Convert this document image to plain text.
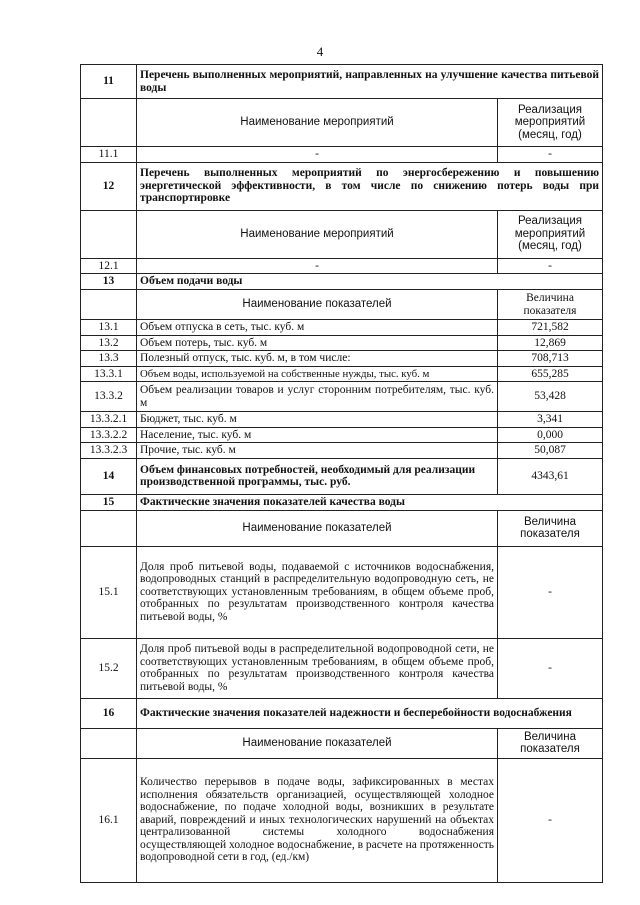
4
11	Перечень выполненных мероприятий, направленных на улучшение качества питьевой воды	
	Наименование мероприятий	Реализация мероприятий (месяц, год)
11.1	-	-
12	Перечень выполненных мероприятий по энергосбережению и повышению энергетической эффективности, в том числе по снижению потерь воды при транспортировке	
	Наименование мероприятий	Реализация мероприятий (месяц, год)
12.1	-	-
13	Объем подачи воды	
	Наименование показателей	Величина показателя
13.1	Объем отпуска в сеть, тыс. куб. м	721,582
13.2	Объем потерь, тыс. куб. м	12,869
13.3	Полезный отпуск, тыс. куб. м, в том числе:	708,713
13.3.1	Объем воды, используемой на собственные нужды, тыс. куб. м	655,285
13.3.2	Объем реализации товаров и услуг сторонним потребителям, тыс. куб. м	53,428
13.3.2.1	Бюджет, тыс. куб. м	3,341
13.3.2.2	Население, тыс. куб. м	0,000
13.3.2.3	Прочие, тыс. куб. м	50,087
14	Объем финансовых потребностей, необходимый для реализации производственной программы, тыс. руб.	4343,61
15	Фактические значения показателей качества воды	
	Наименование показателей	Величина показателя
15.1	Доля проб питьевой воды, подаваемой с источников водоснабжения, водопроводных станций в распределительную водопроводную сеть, не соответствующих установленным требованиям, в общем объеме проб, отобранных по результатам производственного контроля качества питьевой воды, %	-
15.2	Доля проб питьевой воды в распределительной водопроводной сети, не соответствующих установленным требованиям, в общем объеме проб, отобранных по результатам производственного контроля качества питьевой воды, %	-
16	Фактические значения показателей надежности и бесперебойности водоснабжения	
	Наименование показателей	Величина показателя
16.1	Количество перерывов в подаче воды, зафиксированных в местах исполнения обязательств организацией, осуществляющей холодное водоснабжение, по подаче холодной воды, возникших в результате аварий, повреждений и иных технологических нарушений на объектах централизованной системы холодного водоснабжения осуществляющей холодное водоснабжение, в расчете на протяженность водопроводной сети в год, (ед./км)	-
